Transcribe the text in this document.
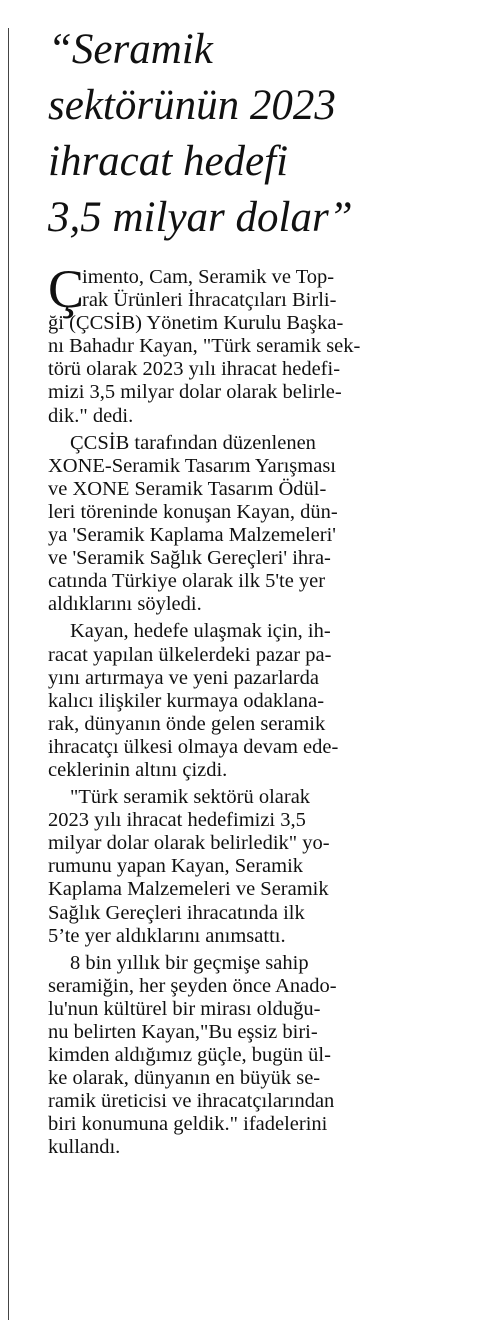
“Seramik
sektörünün 2023
ihracat hedefi
3,5 milyar dolar”
Ç
imento, Cam, Seramik ve Top-
rak Ürünleri İhracatçıları Birli-
ği (ÇCSİB) Yönetim Kurulu Başka-
nı Bahadır Kayan, "Türk seramik sek-
törü olarak 2023 yılı ihracat hedefi-
mizi 3,5 milyar dolar olarak belirle-
dik." dedi.
ÇCSİB tarafından düzenlenen
XONE-Seramik Tasarım Yarışması
ve XONE Seramik Tasarım Ödül-
leri töreninde konuşan Kayan, dün-
ya 'Seramik Kaplama Malzemeleri'
ve 'Seramik Sağlık Gereçleri' ihra-
catında Türkiye olarak ilk 5'te yer
aldıklarını söyledi.
Kayan, hedefe ulaşmak için, ih-
racat yapılan ülkelerdeki pazar pa-
yını artırmaya ve yeni pazarlarda
kalıcı ilişkiler kurmaya odaklana-
rak, dünyanın önde gelen seramik
ihracatçı ülkesi olmaya devam ede-
ceklerinin altını çizdi.
"Türk seramik sektörü olarak
2023 yılı ihracat hedefimizi 3,5
milyar dolar olarak belirledik" yo-
rumunu yapan Kayan, Seramik
Kaplama Malzemeleri ve Seramik
Sağlık Gereçleri ihracatında ilk
5’te yer aldıklarını anımsattı.
8 bin yıllık bir geçmişe sahip
seramiğin, her şeyden önce Anado-
lu'nun kültürel bir mirası olduğu-
nu belirten Kayan,"Bu eşsiz biri-
kimden aldığımız güçle, bugün ül-
ke olarak, dünyanın en büyük se-
ramik üreticisi ve ihracatçılarından
biri konumuna geldik." ifadelerini
kullandı.
